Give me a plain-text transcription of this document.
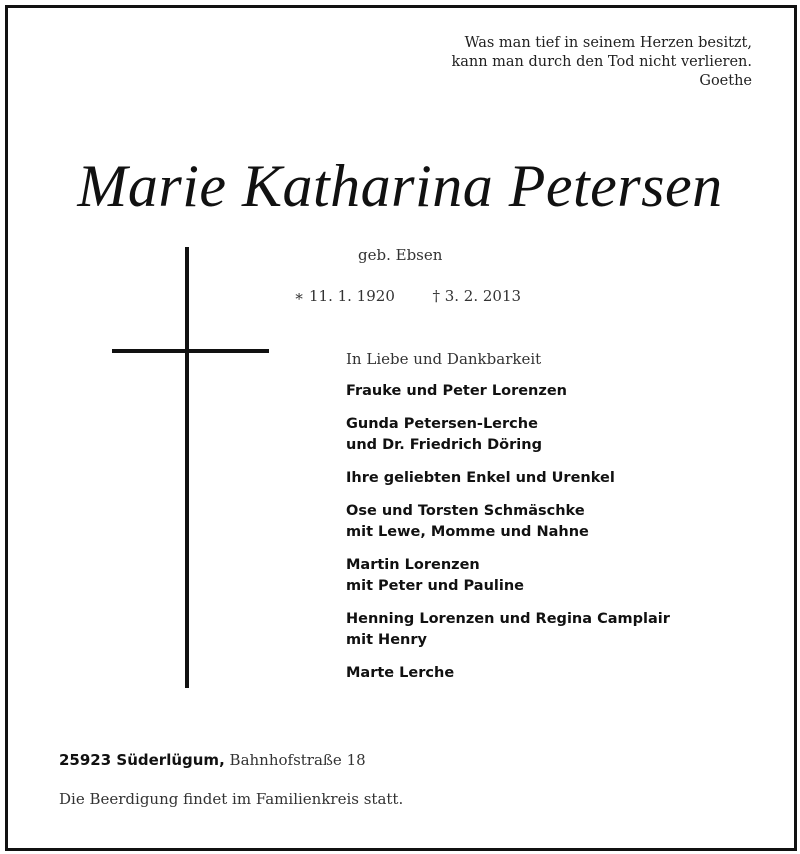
Was man tief in seinem Herzen besitzt,
kann man durch den Tod nicht verlieren.
Goethe
Marie Katharina Petersen
geb. Ebsen
∗ 11. 1. 1920	† 3. 2. 2013
In Liebe und Dankbarkeit
Frauke und Peter Lorenzen
Gunda Petersen-Lerche
und Dr. Friedrich Döring
Ihre geliebten Enkel und Urenkel
Ose und Torsten Schmäschke
mit Lewe, Momme und Nahne
Martin Lorenzen
mit Peter und Pauline
Henning Lorenzen und Regina Camplair
mit Henry
Marte Lerche
25923 Süderlügum, Bahnhofstraße 18
Die Beerdigung findet im Familienkreis statt.
